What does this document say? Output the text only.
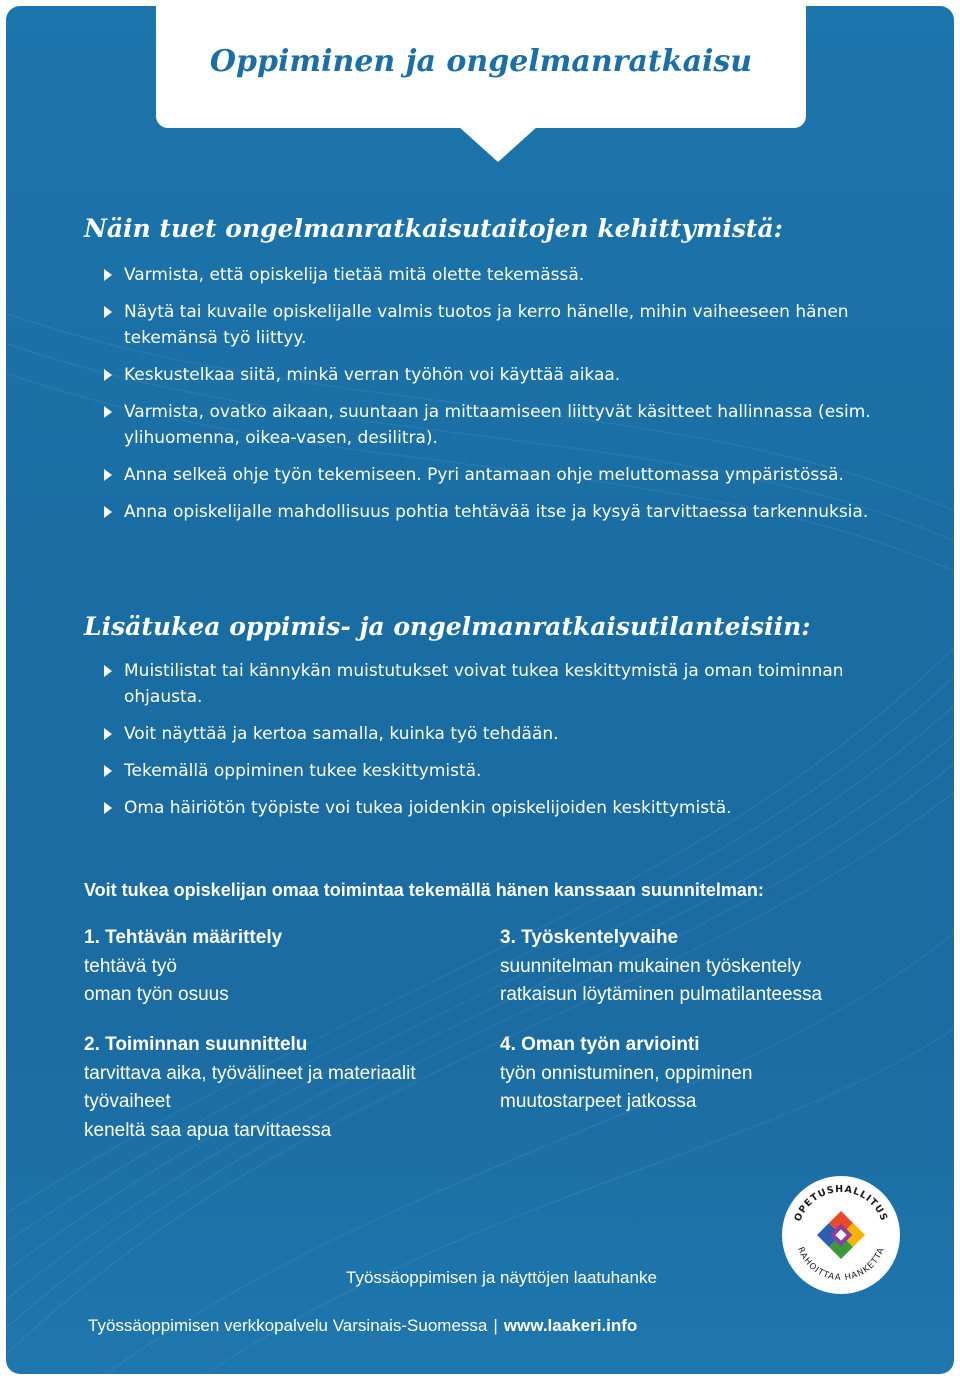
Oppiminen ja ongelmanratkaisu
Näin tuet ongelmanratkaisutaitojen kehittymistä:
Varmista, että opiskelija tietää mitä olette tekemässä.
Näytä tai kuvaile opiskelijalle valmis tuotos ja kerro hänelle, mihin vaiheeseen hänen tekemänsä työ liittyy.
Keskustelkaa siitä, minkä verran työhön voi käyttää aikaa.
Varmista, ovatko aikaan, suuntaan ja mittaamiseen liittyvät käsitteet hallinnassa (esim. ylihuomenna, oikea-vasen, desilitra).
Anna selkeä ohje työn tekemiseen. Pyri antamaan ohje meluttomassa ympäristössä.
Anna opiskelijalle mahdollisuus pohtia tehtävää itse ja kysyä tarvittaessa tarkennuksia.
Lisätukea oppimis- ja ongelmanratkaisutilanteisiin:
Muistilistat tai kännykän muistutukset voivat tukea keskittymistä ja oman toiminnan ohjausta.
Voit näyttää ja kertoa samalla, kuinka työ tehdään.
Tekemällä oppiminen tukee keskittymistä.
Oma häiriötön työpiste voi tukea joidenkin opiskelijoiden keskittymistä.

Voit tukea opiskelijan omaa toimintaa tekemällä hänen kanssaan suunnitelman:

1. Tehtävän määrittely
tehtävä työ
oman työn osuus
2. Toiminnan suunnittelu
tarvittava aika, työvälineet ja materiaalit
työvaiheet
keneltä saa apua tarvittaessa
3. Työskentelyvaihe
suunnitelman mukainen työskentely
ratkaisun löytäminen pulmatilanteessa
4. Oman työn arviointi
työn onnistuminen, oppiminen
muutostarpeet jatkossa

Työssäoppimisen ja näyttöjen laatuhanke

Työssäoppimisen verkkopalvelu Varsinais-Suomessa | www.laakeri.info

OPETUSHALLITUS
RAHOITTAA HANKETTA
